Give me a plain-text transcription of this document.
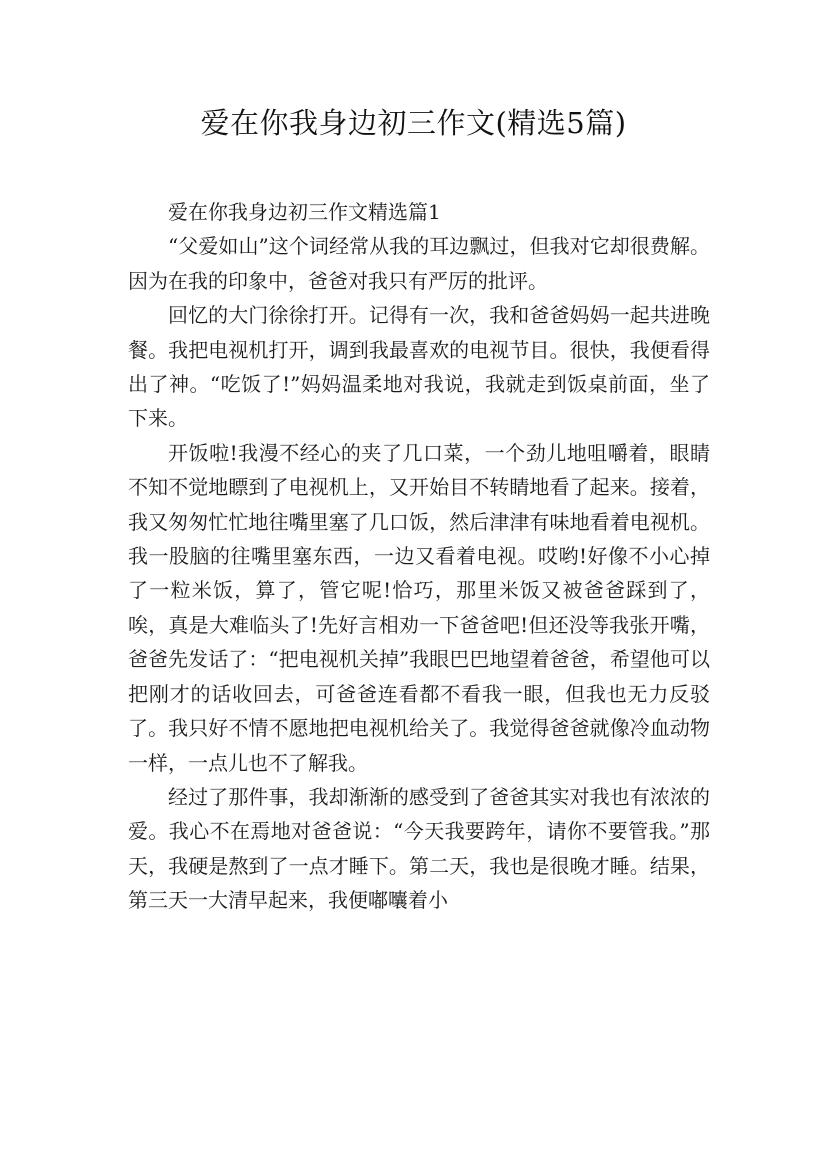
爱在你我身边初三作文(精选5篇)

爱在你我身边初三作文精选篇1

“父爱如山”这个词经常从我的耳边飘过，但我对它却很费解。因为在我的印象中，爸爸对我只有严厉的批评。

回忆的大门徐徐打开。记得有一次，我和爸爸妈妈一起共进晚餐。我把电视机打开，调到我最喜欢的电视节目。很快，我便看得出了神。“吃饭了!”妈妈温柔地对我说，我就走到饭桌前面，坐了下来。

开饭啦!我漫不经心的夹了几口菜，一个劲儿地咀嚼着，眼睛不知不觉地瞟到了电视机上，又开始目不转睛地看了起来。接着，我又匆匆忙忙地往嘴里塞了几口饭，然后津津有味地看着电视机。我一股脑的往嘴里塞东西，一边又看着电视。哎哟!好像不小心掉了一粒米饭，算了，管它呢!恰巧，那里米饭又被爸爸踩到了，唉，真是大难临头了!先好言相劝一下爸爸吧!但还没等我张开嘴，爸爸先发话了：“把电视机关掉”我眼巴巴地望着爸爸，希望他可以把刚才的话收回去，可爸爸连看都不看我一眼，但我也无力反驳了。我只好不情不愿地把电视机给关了。我觉得爸爸就像冷血动物一样，一点儿也不了解我。

经过了那件事，我却渐渐的感受到了爸爸其实对我也有浓浓的爱。我心不在焉地对爸爸说：“今天我要跨年，请你不要管我。”那天，我硬是熬到了一点才睡下。第二天，我也是很晚才睡。结果，第三天一大清早起来，我便嘟囔着小
